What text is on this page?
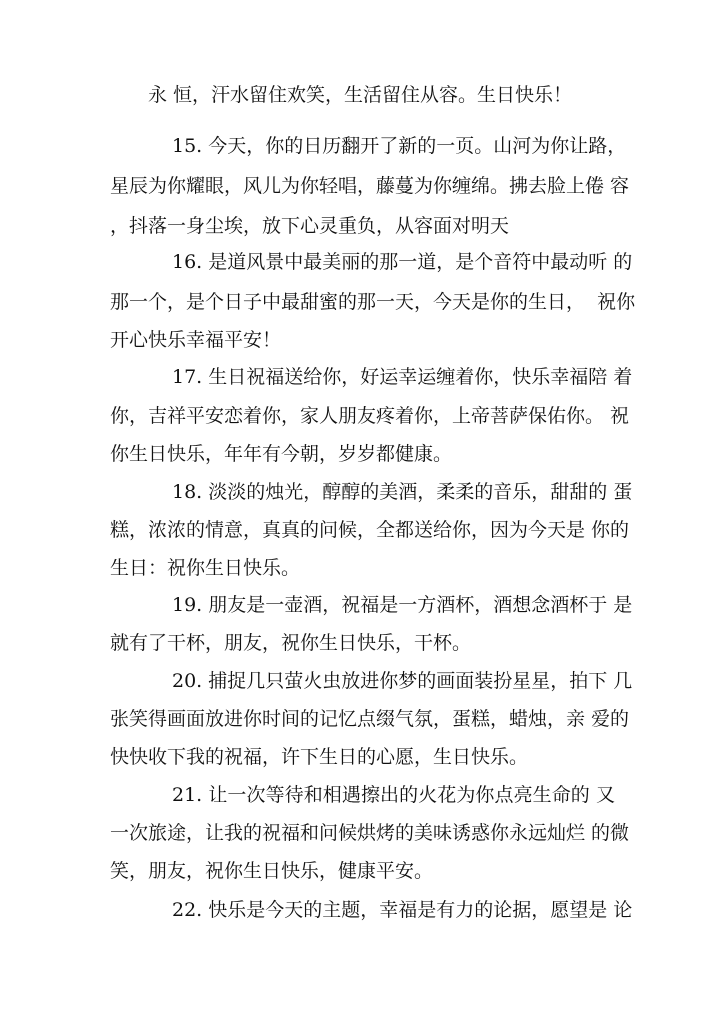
永 恒，汗水留住欢笑，生活留住从容。生日快乐！
15. 今天，你的日历翻开了新的一页。山河为你让路，
星辰为你耀眼，风儿为你轻唱，藤蔓为你缠绵。拂去脸上倦 容
，抖落一身尘埃，放下心灵重负，从容面对明天
16. 是道风景中最美丽的那一道，是个音符中最动听 的
那一个，是个日子中最甜蜜的那一天，今天是你的生日，  祝你
开心快乐幸福平安！
17. 生日祝福送给你，好运幸运缠着你，快乐幸福陪 着
你，吉祥平安恋着你，家人朋友疼着你，上帝菩萨保佑你。 祝
你生日快乐，年年有今朝，岁岁都健康。
18. 淡淡的烛光，醇醇的美酒，柔柔的音乐，甜甜的 蛋
糕，浓浓的情意，真真的问候，全都送给你，因为今天是 你的
生日：祝你生日快乐。
19. 朋友是一壶酒，祝福是一方酒杯，酒想念酒杯于 是
就有了干杯，朋友，祝你生日快乐，干杯。
20. 捕捉几只萤火虫放进你梦的画面装扮星星，拍下 几
张笑得画面放进你时间的记忆点缀气氛，蛋糕，蜡烛，亲 爱的
快快收下我的祝福，许下生日的心愿，生日快乐。
21. 让一次等待和相遇擦出的火花为你点亮生命的 又
一次旅途，让我的祝福和问候烘烤的美味诱惑你永远灿烂 的微
笑，朋友，祝你生日快乐，健康平安。
22. 快乐是今天的主题，幸福是有力的论据，愿望是 论
